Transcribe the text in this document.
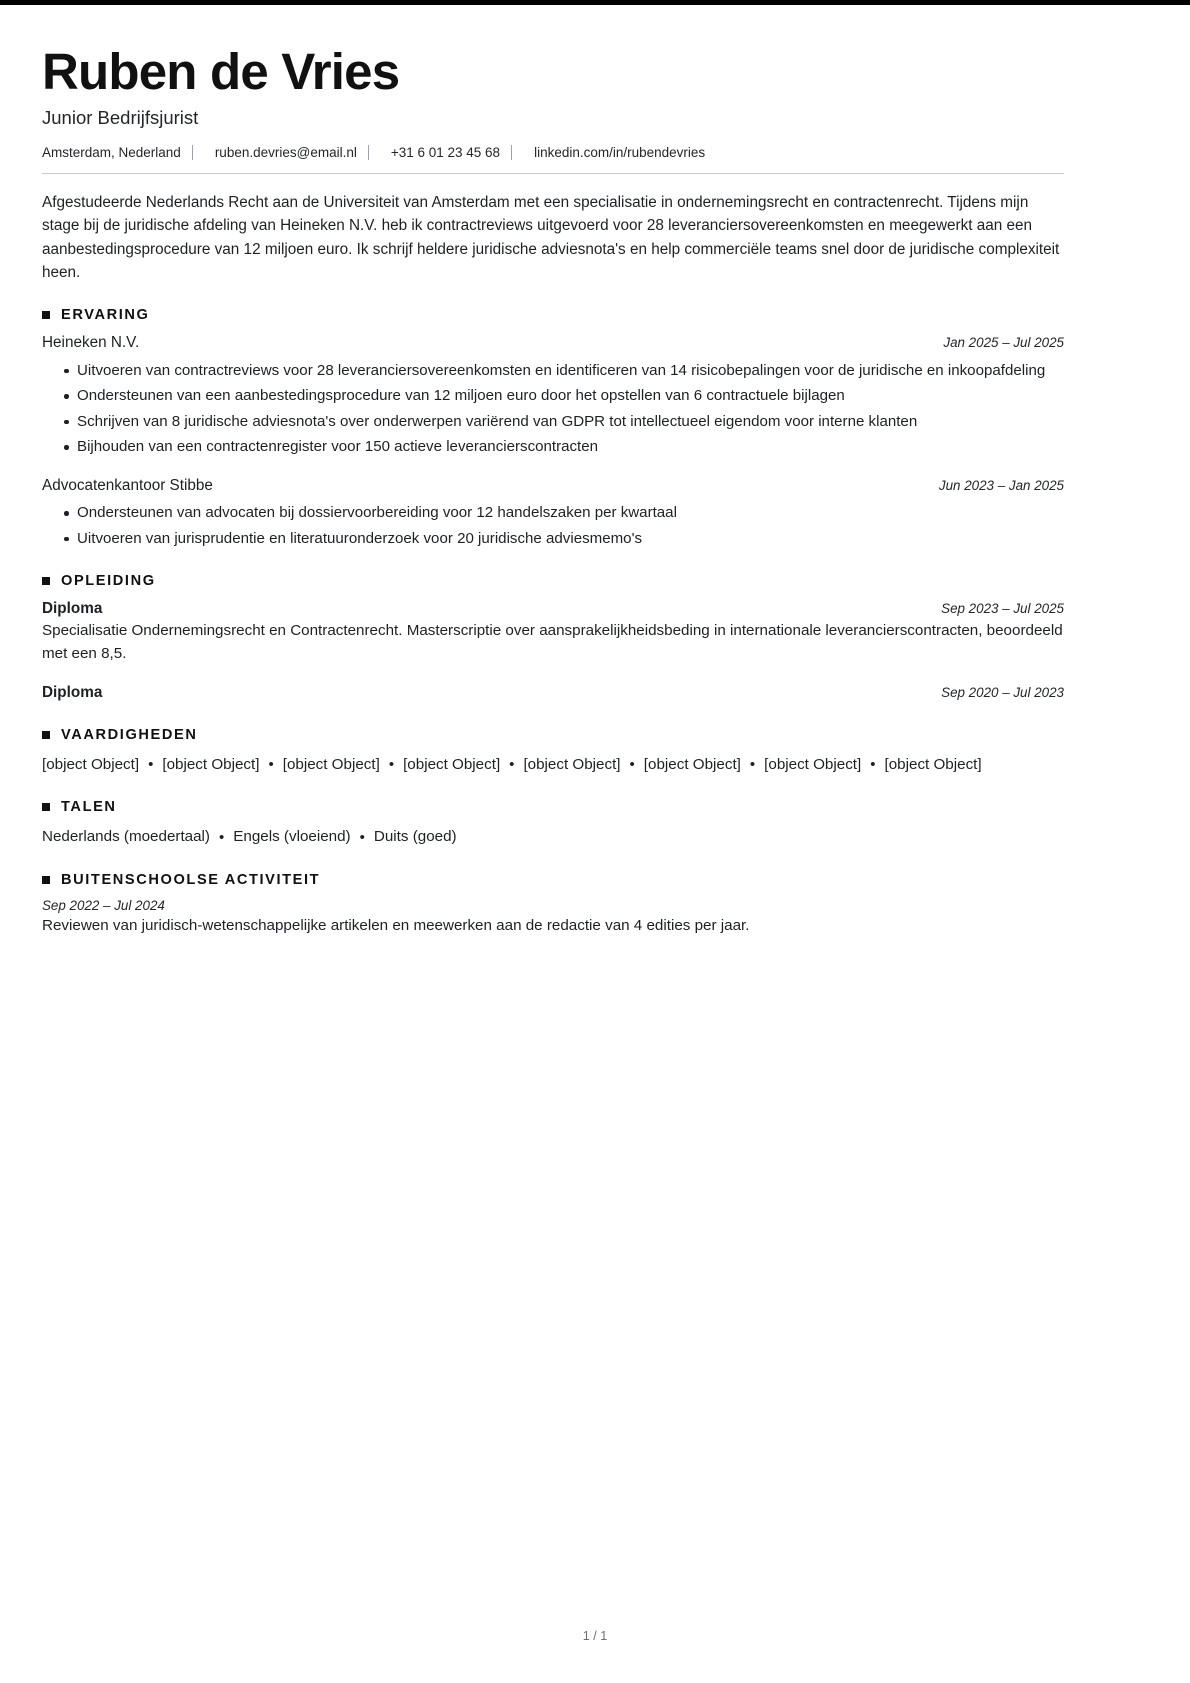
Ruben de Vries
Junior Bedrijfsjurist
Amsterdam, Nederland	ruben.devries@email.nl	+31 6 01 23 45 68	linkedin.com/in/rubendevries

Afgestudeerde Nederlands Recht aan de Universiteit van Amsterdam met een specialisatie in ondernemingsrecht en contractenrecht. Tijdens mijn stage bij de juridische afdeling van Heineken N.V. heb ik contractreviews uitgevoerd voor 28 leveranciersovereenkomsten en meegewerkt aan een aanbestedingsprocedure van 12 miljoen euro. Ik schrijf heldere juridische adviesnota's en help commerciële teams snel door de juridische complexiteit heen.

ERVARING
Heineken N.V.	Jan 2025 – Jul 2025
Uitvoeren van contractreviews voor 28 leveranciersovereenkomsten en identificeren van 14 risicobepalingen voor de juridische en inkoopafdeling
Ondersteunen van een aanbestedingsprocedure van 12 miljoen euro door het opstellen van 6 contractuele bijlagen
Schrijven van 8 juridische adviesnota's over onderwerpen variërend van GDPR tot intellectueel eigendom voor interne klanten
Bijhouden van een contractenregister voor 150 actieve leverancierscontracten
Advocatenkantoor Stibbe	Jun 2023 – Jan 2025
Ondersteunen van advocaten bij dossiervoorbereiding voor 12 handelszaken per kwartaal
Uitvoeren van jurisprudentie en literatuuronderzoek voor 20 juridische adviesmemo's
OPLEIDING
Diploma	Sep 2023 – Jul 2025

Specialisatie Ondernemingsrecht en Contractenrecht. Masterscriptie over aansprakelijkheidsbeding in internationale leverancierscontracten, beoordeeld met een 8,5.

Diploma	Sep 2020 – Jul 2023
VAARDIGHEDEN
[object Object] • [object Object] • [object Object] • [object Object] • [object Object] • [object Object] • [object Object] • [object Object]
TALEN
Nederlands (moedertaal) • Engels (vloeiend) • Duits (goed)
BUITENSCHOOLSE ACTIVITEIT

Sep 2022 – Jul 2024

Reviewen van juridisch-wetenschappelijke artikelen en meewerken aan de redactie van 4 edities per jaar.

1 / 1
